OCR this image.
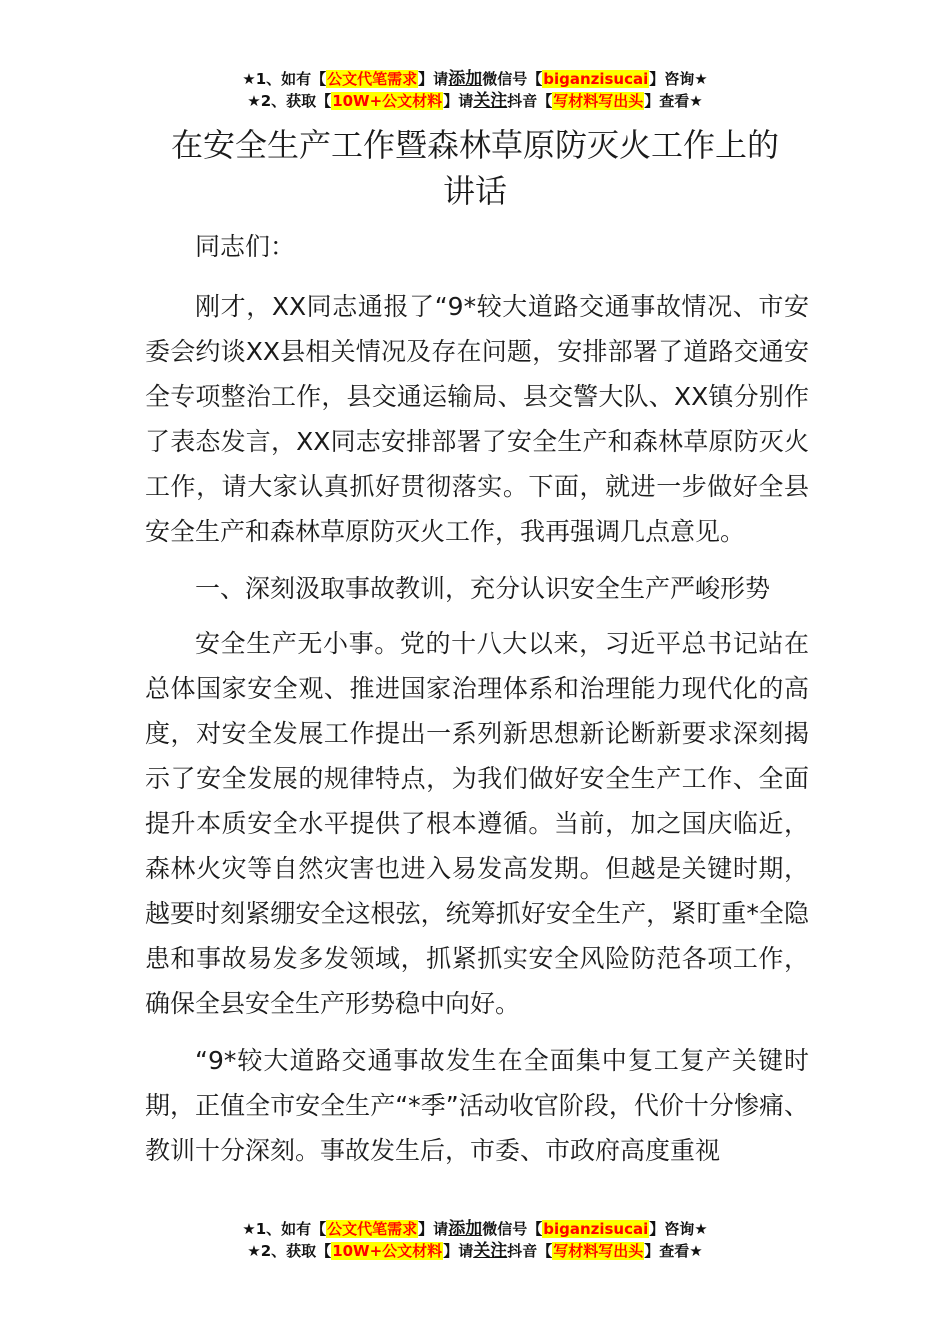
★1、如有【公文代笔需求】请添加微信号【biganzisucai】咨询★
★2、获取【10W+公文材料】请关注抖音【写材料写出头】查看★
在安全生产工作暨森林草原防灭火工作上的
讲话

同志们：

刚才，XX同志通报了“9*较大道路交通事故情况、市安委会约谈XX县相关情况及存在问题，安排部署了道路交通安全专项整治工作，县交通运输局、县交警大队、XX镇分别作了表态发言，XX同志安排部署了安全生产和森林草原防灭火工作，请大家认真抓好贯彻落实。下面，就进一步做好全县安全生产和森林草原防灭火工作，我再强调几点意见。

一、深刻汲取事故教训，充分认识安全生产严峻形势

安全生产无小事。党的十八大以来，习近平总书记站在总体国家安全观、推进国家治理体系和治理能力现代化的高度，对安全发展工作提出一系列新思想新论断新要求深刻揭示了安全发展的规律特点，为我们做好安全生产工作、全面提升本质安全水平提供了根本遵循。当前，加之国庆临近，森林火灾等自然灾害也进入易发高发期。但越是关键时期，越要时刻紧绷安全这根弦，统筹抓好安全生产，紧盯重*全隐患和事故易发多发领域，抓紧抓实安全风险防范各项工作，确保全县安全生产形势稳中向好。

“9*较大道路交通事故发生在全面集中复工复产关键时期，正值全市安全生产“*季”活动收官阶段，代价十分惨痛、教训十分深刻。事故发生后，市委、市政府高度重视

★1、如有【公文代笔需求】请添加微信号【biganzisucai】咨询★
★2、获取【10W+公文材料】请关注抖音【写材料写出头】查看★
